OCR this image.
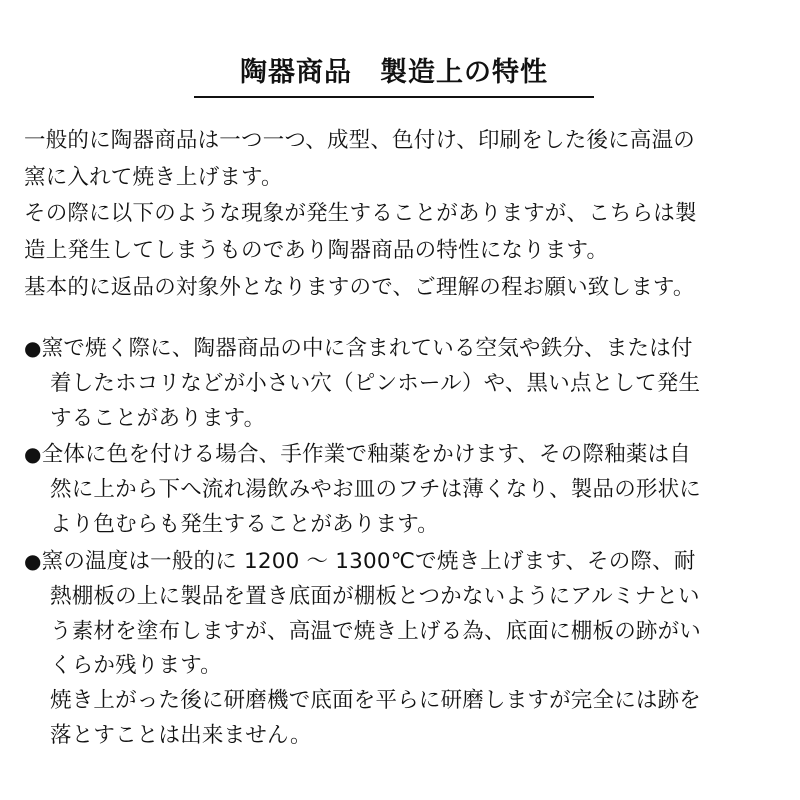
陶器商品　製造上の特性

一般的に陶器商品は一つ一つ、成型、色付け、印刷をした後に高温の

窯に入れて焼き上げます。

その際に以下のような現象が発生することがありますが、こちらは製

造上発生してしまうものであり陶器商品の特性になります。

基本的に返品の対象外となりますので、ご理解の程お願い致します。

●窯で焼く際に、陶器商品の中に含まれている空気や鉄分、または付
着したホコリなどが小さい穴（ピンホール）や、黒い点として発生
することがあります。
●全体に色を付ける場合、手作業で釉薬をかけます、その際釉薬は自
然に上から下へ流れ湯飲みやお皿のフチは薄くなり、製品の形状に
より色むらも発生することがあります。
●窯の温度は一般的に 1200 〜 1300℃で焼き上げます、その際、耐
熱棚板の上に製品を置き底面が棚板とつかないようにアルミナとい
う素材を塗布しますが、高温で焼き上げる為、底面に棚板の跡がい
くらか残ります。
焼き上がった後に研磨機で底面を平らに研磨しますが完全には跡を
落とすことは出来ません。
